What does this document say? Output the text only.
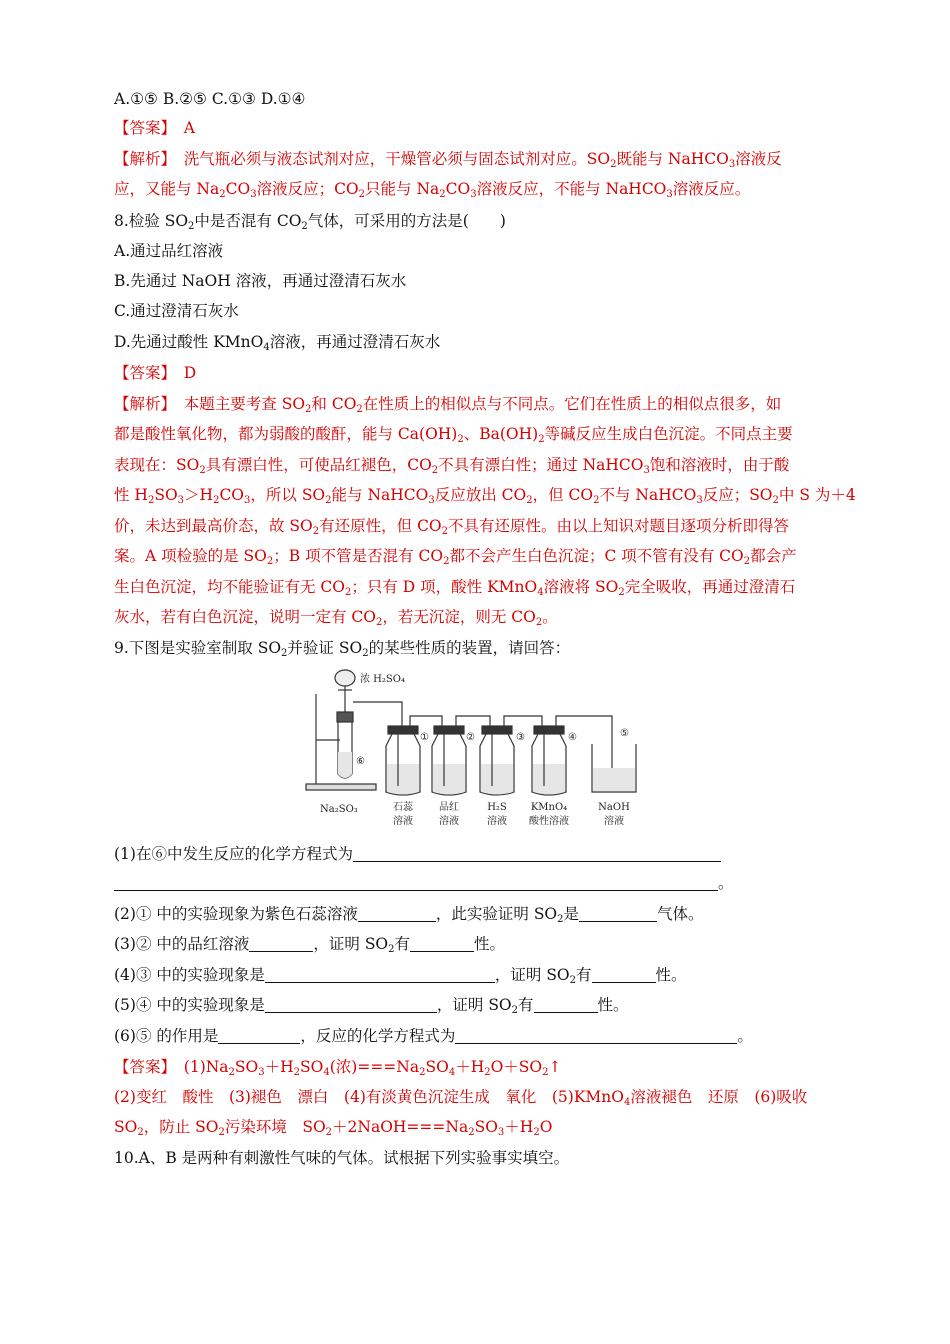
A.①⑤ B.②⑤ C.①③ D.①④
【答案】　 A
【解析】　 洗气瓶必须与液态试剂对应，干燥管必须与固态试剂对应。$SO_2$既能与 NaHCO$_3$溶液反
应，又能与 $Na_2CO_3$溶液反应；$CO_2$只能与 $Na_2CO_3$溶液反应，不能与 NaHCO$_3$溶液反应。
8.检验 $SO_2$中是否混有 $CO_2$气体，可采用的方法是(　　)
A.通过品红溶液
B.先通过 NaOH 溶液，再通过澄清石灰水
C.通过澄清石灰水
D.先通过酸性 KMnO$_4$溶液，再通过澄清石灰水
【答案】　 D
【解析】　 本题主要考查 $SO_2$和 $CO_2$在性质上的相似点与不同点。它们在性质上的相似点很多，如
都是酸性氧化物，都为弱酸的酸酐，能与 $Ca(OH)_2$、$Ba(OH)_2$等碱反应生成白色沉淀。不同点主要
表现在：$SO_2$具有漂白性，可使品红褪色，$CO_2$不具有漂白性；通过 NaHCO$_3$饱和溶液时，由于酸
性 $H_2SO_3>H_2CO_3$，所以 $SO_2$能与 NaHCO$_3$反应放出 $CO_2$，但 $CO_2$不与 NaHCO$_3$反应；$SO_2$中 S 为＋4
价，未达到最高价态，故 $SO_2$有还原性，但 $CO_2$不具有还原性。由以上知识对题目逐项分析即得答
案。A 项检验的是 $SO_2$；B 项不管是否混有 $CO_2$都不会产生白色沉淀；C 项不管有没有 $CO_2$都会产
生白色沉淀，均不能验证有无 $CO_2$；只有 D 项，酸性 KMnO$_4$溶液将 $SO_2$完全吸收，再通过澄清石
灰水，若有白色沉淀，说明一定有 $CO_2$，若无沉淀，则无 $CO_2$。
9.下图是实验室制取 $SO_2$并验证 $SO_2$的某些性质的装置，请回答：
浓 H₂SO₄
⑥
Na₂SO₃
①	②	③	④	⑤
石蕊
溶液
品红
溶液
H₂S
溶液
KMnO₄
酸性溶液
NaOH
溶液
(1)在⑥中发生反应的化学方程式为
。
(2)① 中的实验现象为紫色石蕊溶液	，此实验证明 $SO_2$是	气体。
(3)② 中的品红溶液	，证明 $SO_2$有	性。
(4)③ 中的实验现象是	，证明 $SO_2$有	性。
(5)④ 中的实验现象是	，证明 $SO_2$有	性。
(6)⑤ 的作用是	，反应的化学方程式为	。
【答案】　 $(1)Na_2SO_3+H_2SO_4$(浓)$===Na_2SO_4+H_2O+SO_2↑$
(2)变红　酸性　(3)褪色　漂白　(4)有淡黄色沉淀生成　氧化　(5)KMnO$_4$溶液褪色　还原　(6)吸收
$SO_2$，防止 $SO_2$污染环境　$SO_2+2NaOH===Na_2SO_3+H_2O$
10.A、B 是两种有刺激性气味的气体。试根据下列实验事实填空。
